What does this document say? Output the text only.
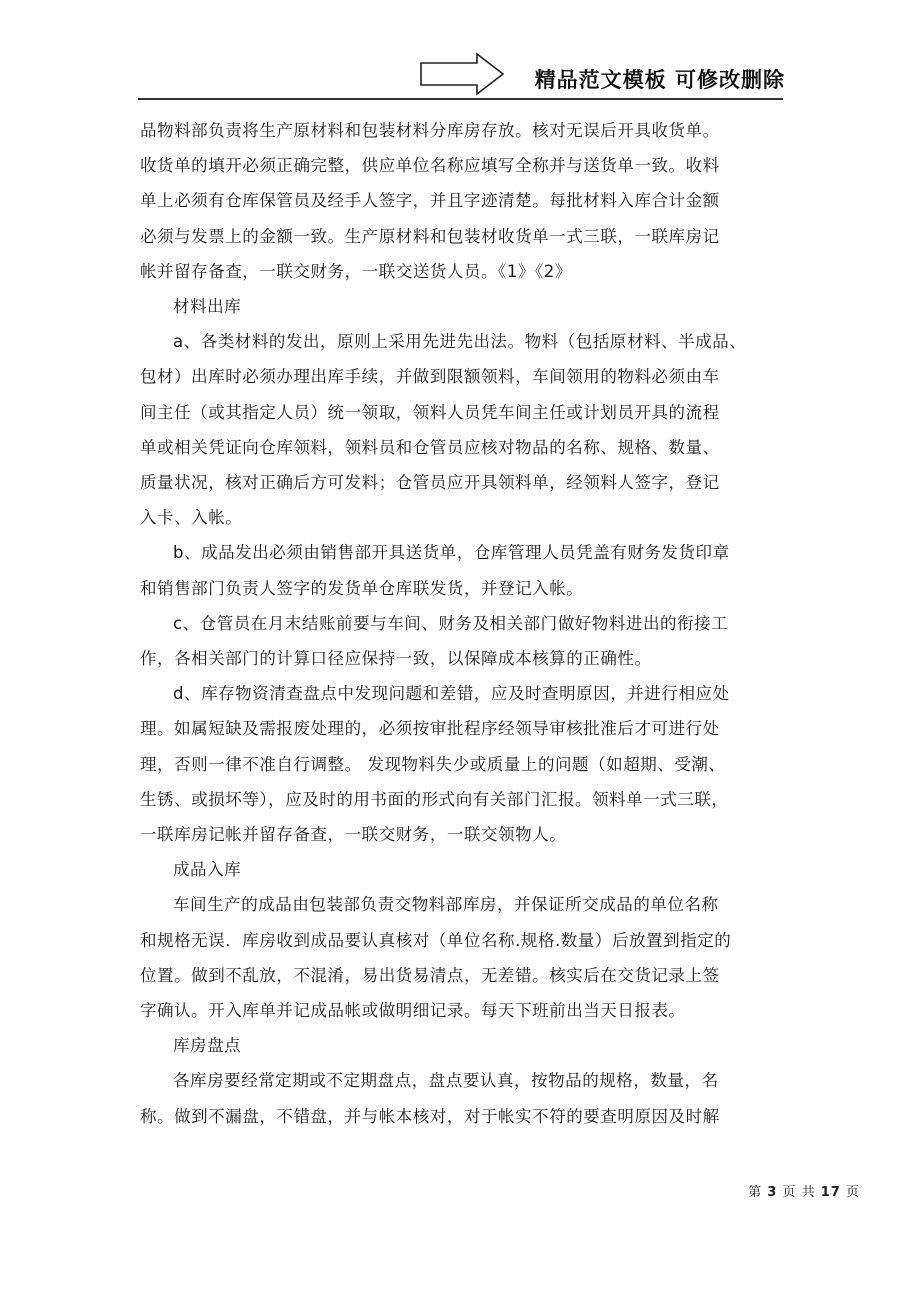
精品范文模板 可修改删除

品物料部负责将生产原材料和包装材料分库房存放。核对无误后开具收货单。

收货单的填开必须正确完整，供应单位名称应填写全称并与送货单一致。收料

单上必须有仓库保管员及经手人签字，并且字迹清楚。每批材料入库合计金额

必须与发票上的金额一致。生产原材料和包装材收货单一式三联，一联库房记

帐并留存备查，一联交财务，一联交送货人员。《1》《2》

材料出库

a、各类材料的发出，原则上采用先进先出法。物料（包括原材料、半成品、

包材）出库时必须办理出库手续，并做到限额领料，车间领用的物料必须由车

间主任（或其指定人员）统一领取，领料人员凭车间主任或计划员开具的流程

单或相关凭证向仓库领料，领料员和仓管员应核对物品的名称、规格、数量、

质量状况，核对正确后方可发料；仓管员应开具领料单，经领料人签字，登记

入卡、入帐。

b、成品发出必须由销售部开具送货单，仓库管理人员凭盖有财务发货印章

和销售部门负责人签字的发货单仓库联发货，并登记入帐。

c、仓管员在月末结账前要与车间、财务及相关部门做好物料进出的衔接工

作，各相关部门的计算口径应保持一致，以保障成本核算的正确性。

d、库存物资清查盘点中发现问题和差错，应及时查明原因，并进行相应处

理。如属短缺及需报废处理的，必须按审批程序经领导审核批准后才可进行处

理，否则一律不准自行调整。 发现物料失少或质量上的问题（如超期、受潮、

生锈、或损坏等），应及时的用书面的形式向有关部门汇报。领料单一式三联，

一联库房记帐并留存备查，一联交财务，一联交领物人。

成品入库

车间生产的成品由包装部负责交物料部库房，并保证所交成品的单位名称

和规格无误．库房收到成品要认真核对（单位名称.规格.数量）后放置到指定的

位置。做到不乱放，不混淆，易出货易清点，无差错。核实后在交货记录上签

字确认。开入库单并记成品帐或做明细记录。每天下班前出当天日报表。

库房盘点

各库房要经常定期或不定期盘点，盘点要认真，按物品的规格，数量，名

称。做到不漏盘，不错盘，并与帐本核对，对于帐实不符的要查明原因及时解

第 3 页 共 17 页
